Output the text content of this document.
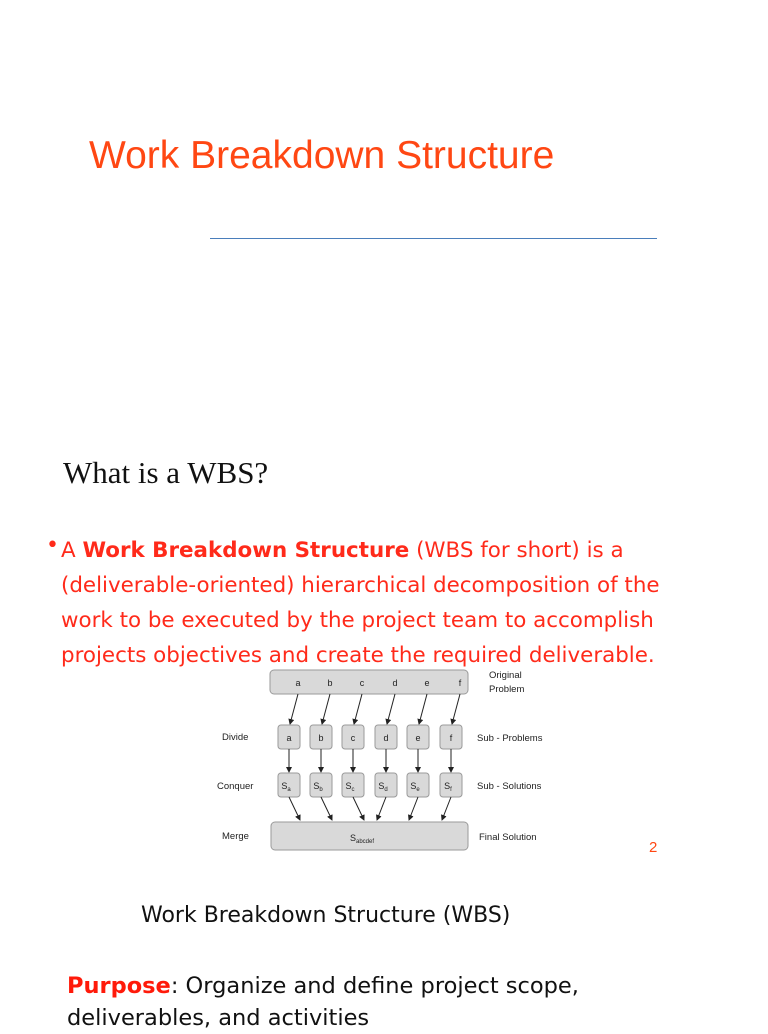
Work Breakdown Structure
What is a WBS?
• A Work Breakdown Structure (WBS for short) is a
(deliverable-oriented) hierarchical decomposition of the
work to be executed by the project team to accomplish
projects objectives and create the required deliverable.
a	b	c	d	e	f
Original
Problem
Divide	a	b	c	d	e	f	Sub - Problems
Conquer	$S_a$	$S_b$	$S_c$	$S_d$	$S_e$	$S_f$	Sub - Solutions
Merge	$S_{abcdef}$	Final Solution
2
Work Breakdown Structure (WBS)
Purpose: Organize and define project scope,
deliverables, and activities
